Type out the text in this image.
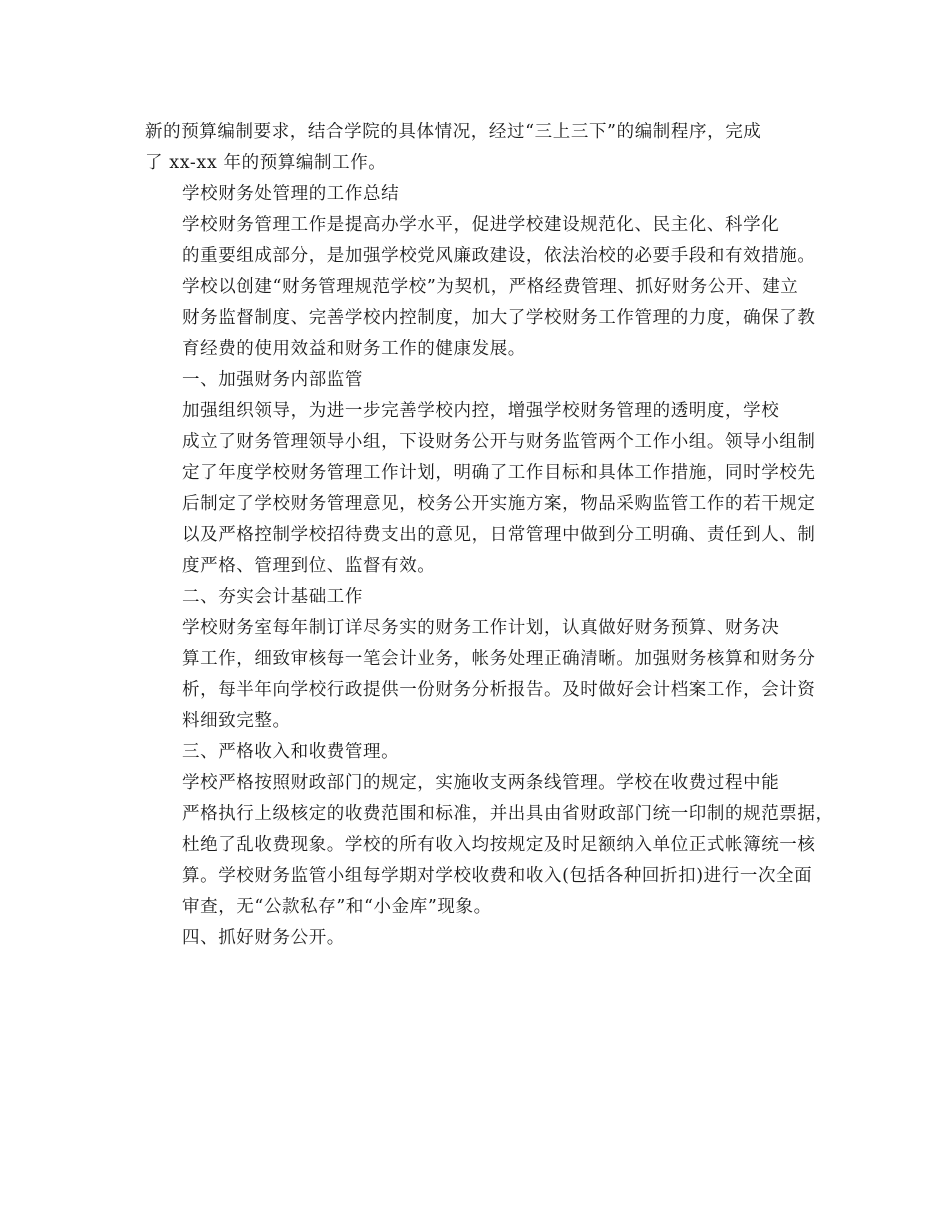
新的预算编制要求，结合学院的具体情况，经过“三上三下”的编制程序，完成
了 xx-xx 年的预算编制工作。

学校财务处管理的工作总结

学校财务管理工作是提高办学水平，促进学校建设规范化、民主化、科学化
的重要组成部分，是加强学校党风廉政建设，依法治校的必要手段和有效措施。
学校以创建“财务管理规范学校”为契机，严格经费管理、抓好财务公开、建立
财务监督制度、完善学校内控制度，加大了学校财务工作管理的力度，确保了教
育经费的使用效益和财务工作的健康发展。

一、加强财务内部监管

加强组织领导，为进一步完善学校内控，增强学校财务管理的透明度，学校
成立了财务管理领导小组，下设财务公开与财务监管两个工作小组。领导小组制
定了年度学校财务管理工作计划，明确了工作目标和具体工作措施，同时学校先
后制定了学校财务管理意见，校务公开实施方案，物品采购监管工作的若干规定
以及严格控制学校招待费支出的意见，日常管理中做到分工明确、责任到人、制
度严格、管理到位、监督有效。

二、夯实会计基础工作

学校财务室每年制订详尽务实的财务工作计划，认真做好财务预算、财务决
算工作，细致审核每一笔会计业务，帐务处理正确清晰。加强财务核算和财务分
析，每半年向学校行政提供一份财务分析报告。及时做好会计档案工作，会计资
料细致完整。

三、严格收入和收费管理。

学校严格按照财政部门的规定，实施收支两条线管理。学校在收费过程中能
严格执行上级核定的收费范围和标准，并出具由省财政部门统一印制的规范票据，
杜绝了乱收费现象。学校的所有收入均按规定及时足额纳入单位正式帐簿统一核
算。学校财务监管小组每学期对学校收费和收入(包括各种回折扣)进行一次全面
审查，无“公款私存”和“小金库”现象。

四、抓好财务公开。
